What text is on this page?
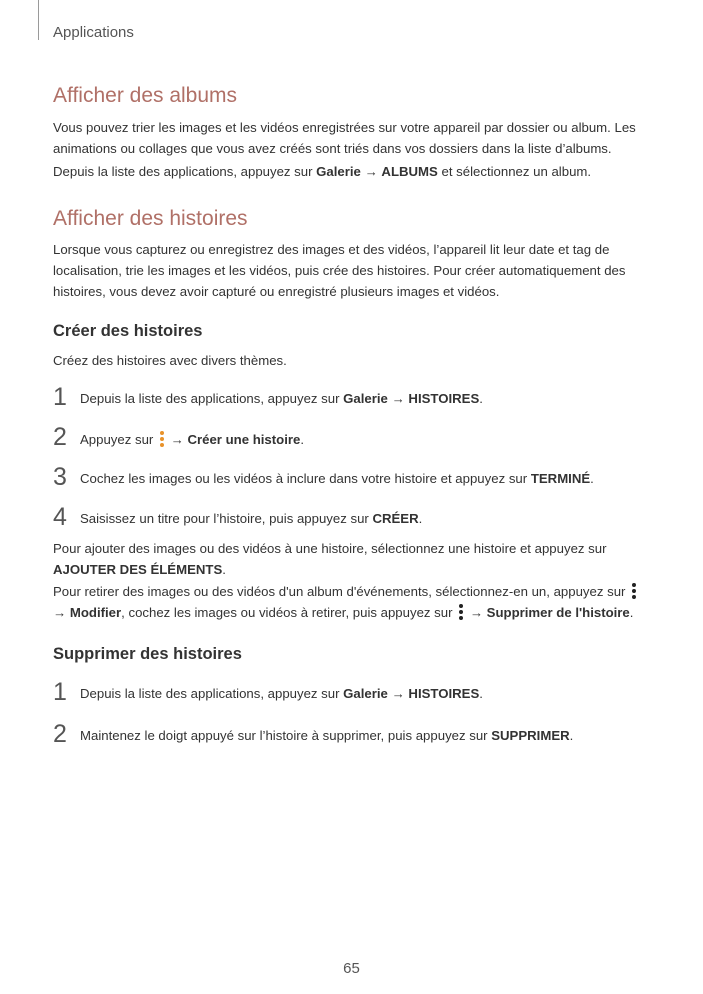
Applications
Afficher des albums

Vous pouvez trier les images et les vidéos enregistrées sur votre appareil par dossier ou album. Les animations ou collages que vous avez créés sont triés dans vos dossiers dans la liste d’albums.

Depuis la liste des applications, appuyez sur Galerie → ALBUMS et sélectionnez un album.

Afficher des histoires

Lorsque vous capturez ou enregistrez des images et des vidéos, l’appareil lit leur date et tag de localisation, trie les images et les vidéos, puis crée des histoires. Pour créer automatiquement des histoires, vous devez avoir capturé ou enregistré plusieurs images et vidéos.

Créer des histoires

Créez des histoires avec divers thèmes.

1 Depuis la liste des applications, appuyez sur Galerie → HISTOIRES.
2 Appuyez sur
→ Créer une histoire.
3 Cochez les images ou les vidéos à inclure dans votre histoire et appuyez sur TERMINÉ.
4 Saisissez un titre pour l’histoire, puis appuyez sur CRÉER.

Pour ajouter des images ou des vidéos à une histoire, sélectionnez une histoire et appuyez sur AJOUTER DES ÉLÉMENTS.

Pour retirer des images ou des vidéos d'un album d'événements, sélectionnez-en un, appuyez sur

→ Modifier, cochez les images ou vidéos à retirer, puis appuyez sur
→ Supprimer de l'histoire.

Supprimer des histoires
1 Depuis la liste des applications, appuyez sur Galerie → HISTOIRES.
2 Maintenez le doigt appuyé sur l’histoire à supprimer, puis appuyez sur SUPPRIMER.
65
